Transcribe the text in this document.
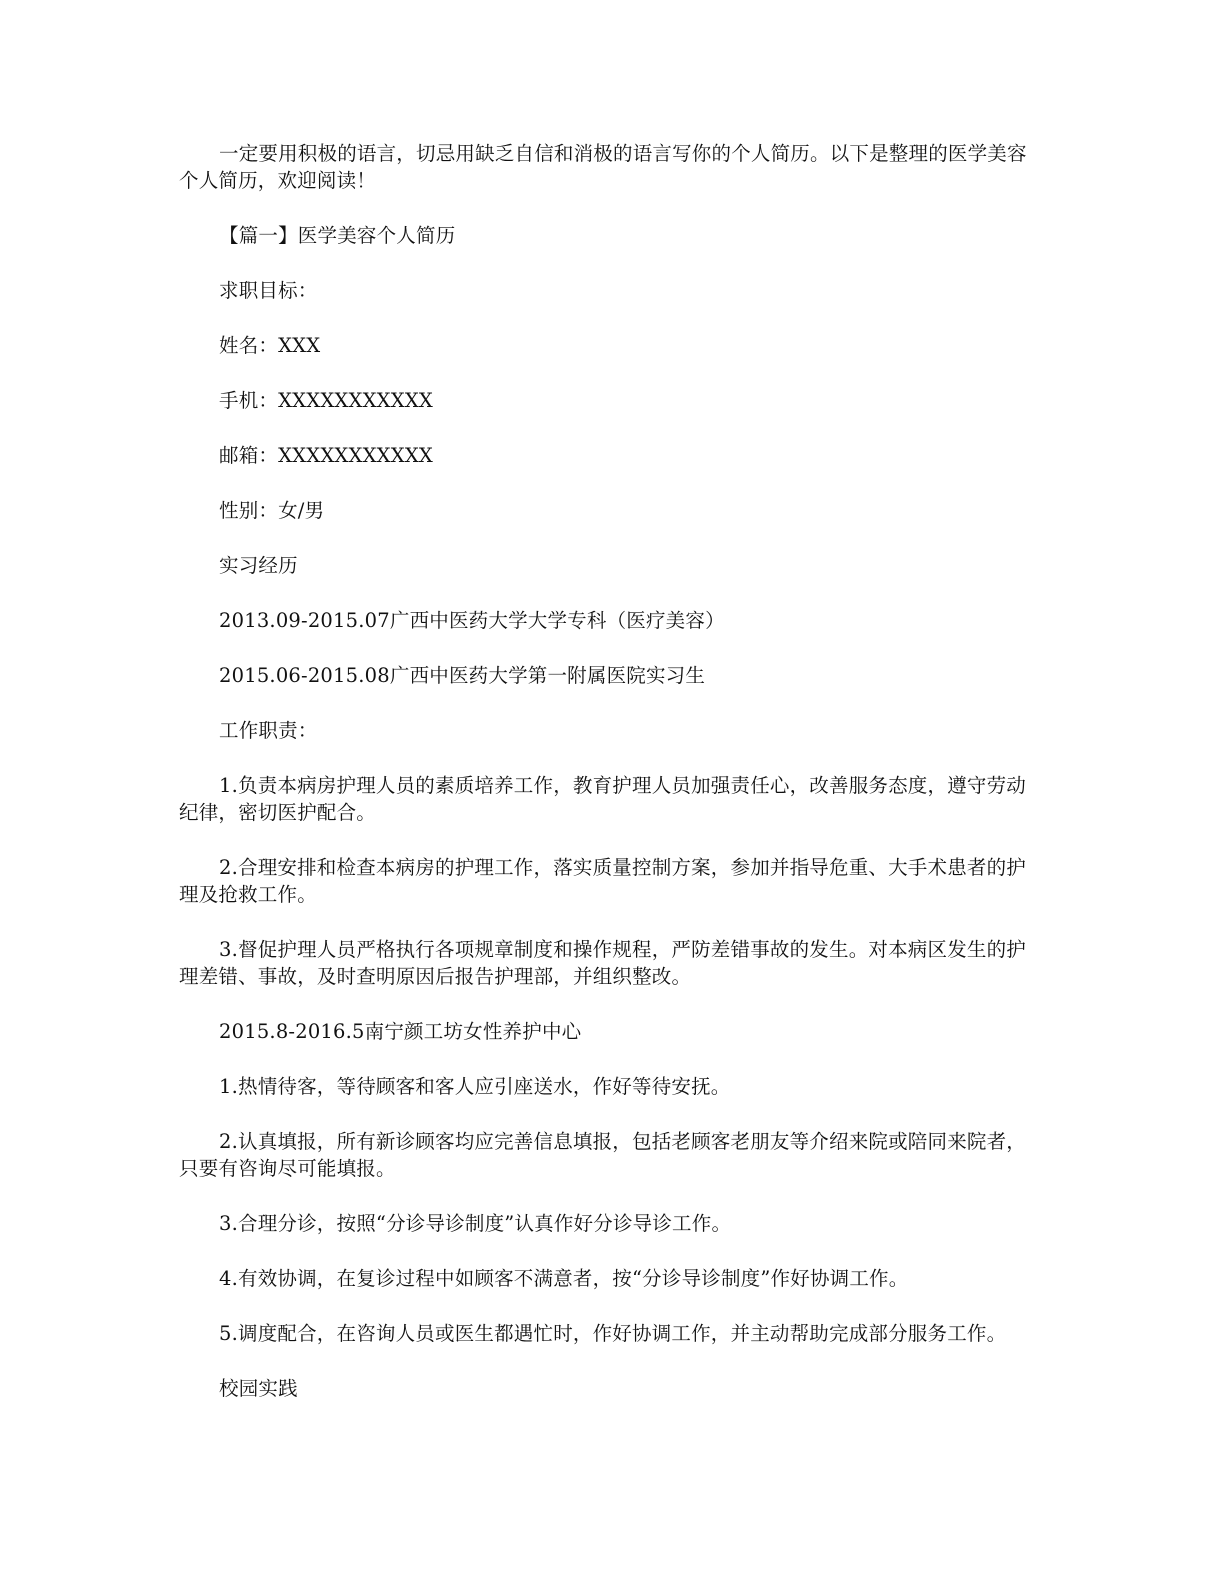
一定要用积极的语言，切忌用缺乏自信和消极的语言写你的个人简历。以下是整理的医学美容个人简历，欢迎阅读！

【篇一】医学美容个人简历

求职目标：

姓名：XXX

手机：XXXXXXXXXXX

邮箱：XXXXXXXXXXX

性别：女/男

实习经历

2013.09-2015.07广西中医药大学大学专科（医疗美容）

2015.06-2015.08广西中医药大学第一附属医院实习生

工作职责：

1.负责本病房护理人员的素质培养工作，教育护理人员加强责任心，改善服务态度，遵守劳动纪律，密切医护配合。

2.合理安排和检查本病房的护理工作，落实质量控制方案，参加并指导危重、大手术患者的护理及抢救工作。

3.督促护理人员严格执行各项规章制度和操作规程，严防差错事故的发生。对本病区发生的护理差错、事故，及时查明原因后报告护理部，并组织整改。

2015.8-2016.5南宁颜工坊女性养护中心

1.热情待客，等待顾客和客人应引座送水，作好等待安抚。

2.认真填报，所有新诊顾客均应完善信息填报，包括老顾客老朋友等介绍来院或陪同来院者，只要有咨询尽可能填报。

3.合理分诊，按照“分诊导诊制度”认真作好分诊导诊工作。

4.有效协调，在复诊过程中如顾客不满意者，按“分诊导诊制度”作好协调工作。

5.调度配合，在咨询人员或医生都遇忙时，作好协调工作，并主动帮助完成部分服务工作。

校园实践
